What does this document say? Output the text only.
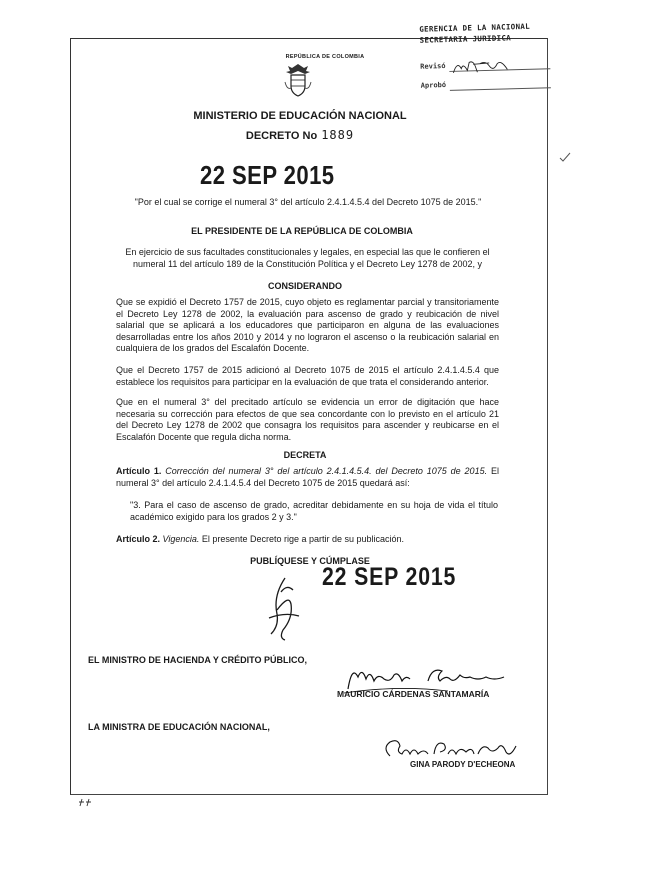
GERENCIA DE LA NACIONAL
SECRETARIA JURIDICA
Revisó
Aprobó
REPÚBLICA DE COLOMBIA
MINISTERIO DE EDUCACIÓN NACIONAL
DECRETO No 1889
22 SEP 2015
"Por el cual se corrige el numeral 3° del artículo 2.4.1.4.5.4 del Decreto 1075 de 2015."
EL PRESIDENTE DE LA REPÚBLICA DE COLOMBIA
En ejercicio de sus facultades constitucionales y legales, en especial las que le confieren el numeral 11 del artículo 189 de la Constitución Política y el Decreto Ley 1278 de 2002, y
CONSIDERANDO
Que se expidió el Decreto 1757 de 2015, cuyo objeto es reglamentar parcial y transitoriamente el Decreto Ley 1278 de 2002, la evaluación para ascenso de grado y reubicación de nivel salarial que se aplicará a los educadores que participaron en alguna de las evaluaciones desarrolladas entre los años 2010 y 2014 y no lograron el ascenso o la reubicación salarial en cualquiera de los grados del Escalafón Docente.
Que el Decreto 1757 de 2015 adicionó al Decreto 1075 de 2015 el artículo 2.4.1.4.5.4 que establece los requisitos para participar en la evaluación de que trata el considerando anterior.
Que en el numeral 3° del precitado artículo se evidencia un error de digitación que hace necesaria su corrección para efectos de que sea concordante con lo previsto en el artículo 21 del Decreto Ley 1278 de 2002 que consagra los requisitos para ascender y reubicarse en el Escalafón Docente que regula dicha norma.
DECRETA
Artículo 1. Corrección del numeral 3° del artículo 2.4.1.4.5.4. del Decreto 1075 de 2015. El numeral 3° del artículo 2.4.1.4.5.4 del Decreto 1075 de 2015 quedará así:
"3. Para el caso de ascenso de grado, acreditar debidamente en su hoja de vida el título académico exigido para los grados 2 y 3."
Artículo 2. Vigencia. El presente Decreto rige a partir de su publicación.
PUBLÍQUESE Y CÚMPLASE
22 SEP 2015
EL MINISTRO DE HACIENDA Y CRÉDITO PÚBLICO,
MAURICIO CÁRDENAS SANTAMARÍA
LA MINISTRA DE EDUCACIÓN NACIONAL,
GINA PARODY D'ECHEONA
